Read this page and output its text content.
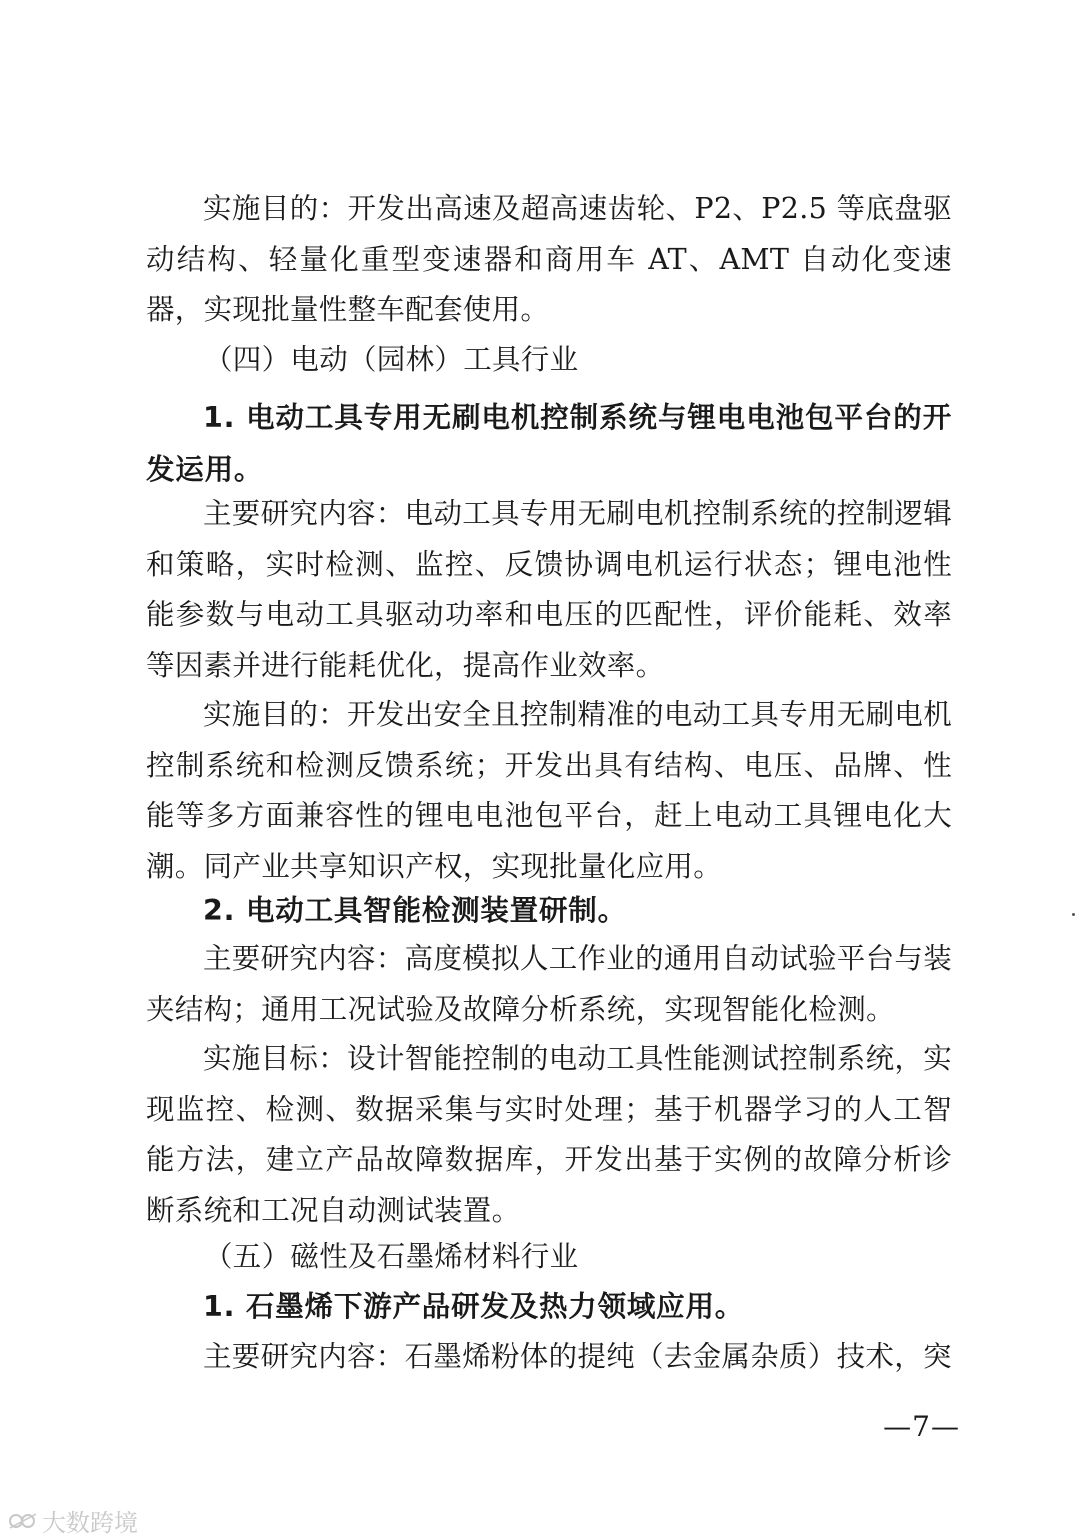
实施目的：开发出高速及超高速齿轮、P2、P2.5 等底盘驱动结构、轻量化重型变速器和商用车 AT、AMT 自动化变速器，实现批量性整车配套使用。

（四）电动（园林）工具行业

1. 电动工具专用无刷电机控制系统与锂电电池包平台的开发运用。

主要研究内容：电动工具专用无刷电机控制系统的控制逻辑和策略，实时检测、监控、反馈协调电机运行状态；锂电池性能参数与电动工具驱动功率和电压的匹配性，评价能耗、效率等因素并进行能耗优化，提高作业效率。

实施目的：开发出安全且控制精准的电动工具专用无刷电机控制系统和检测反馈系统；开发出具有结构、电压、品牌、性能等多方面兼容性的锂电电池包平台，赶上电动工具锂电化大潮。同产业共享知识产权，实现批量化应用。

2. 电动工具智能检测装置研制。

主要研究内容：高度模拟人工作业的通用自动试验平台与装夹结构；通用工况试验及故障分析系统，实现智能化检测。

实施目标：设计智能控制的电动工具性能测试控制系统，实现监控、检测、数据采集与实时处理；基于机器学习的人工智能方法，建立产品故障数据库，开发出基于实例的故障分析诊断系统和工况自动测试装置。

（五）磁性及石墨烯材料行业

1. 石墨烯下游产品研发及热力领域应用。

主要研究内容：石墨烯粉体的提纯（去金属杂质）技术，突

—7—
大数跨境
